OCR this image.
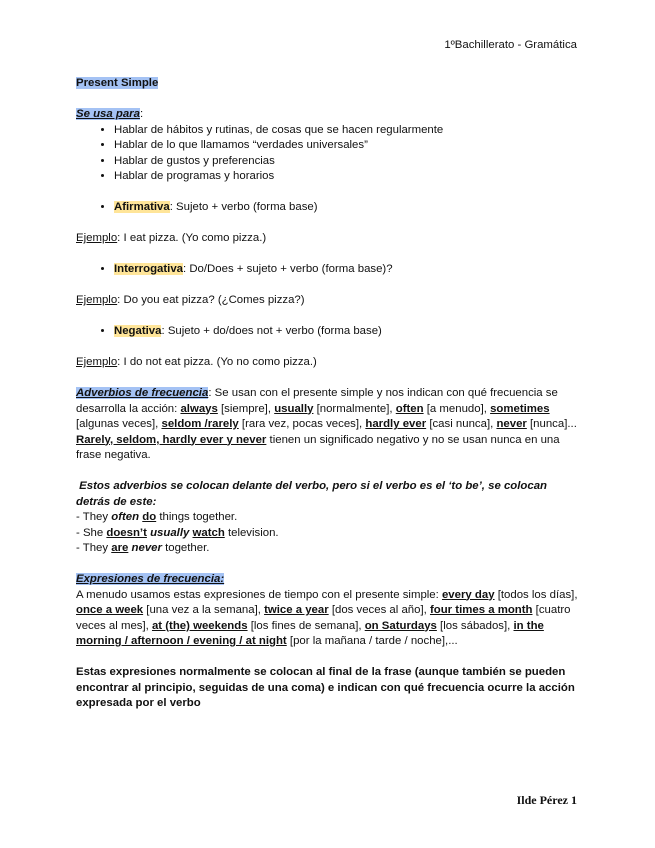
1ºBachillerato - Gramática

Present Simple

Se usa para:

• Hablar de hábitos y rutinas, de cosas que se hacen regularmente
• Hablar de lo que llamamos “verdades universales”
• Hablar de gustos y preferencias
• Hablar de programas y horarios
• Afirmativa: Sujeto + verbo (forma base)

Ejemplo: I eat pizza. (Yo como pizza.)

• Interrogativa: Do/Does + sujeto + verbo (forma base)?

Ejemplo: Do you eat pizza? (¿Comes pizza?)

• Negativa: Sujeto + do/does not + verbo (forma base)

Ejemplo: I do not eat pizza. (Yo no como pizza.)

Adverbios de frecuencia: Se usan con el presente simple y nos indican con qué frecuencia se desarrolla la acción: always [siempre], usually [normalmente], often [a menudo], sometimes [algunas veces], seldom /rarely [rara vez, pocas veces], hardly ever [casi nunca], never [nunca]...

Rarely, seldom, hardly ever y never tienen un significado negativo y no se usan nunca en una frase negativa.

Estos adverbios se colocan delante del verbo, pero si el verbo es el ‘to be’, se colocan detrás de este:

- They often do things together.

- She doesn’t usually watch television.

- They are never together.

Expresiones de frecuencia:

A menudo usamos estas expresiones de tiempo con el presente simple: every day [todos los días], once a week [una vez a la semana], twice a year [dos veces al año], four times a month [cuatro veces al mes], at (the) weekends [los fines de semana], on Saturdays [los sábados], in the morning / afternoon / evening / at night [por la mañana / tarde / noche],...

Estas expresiones normalmente se colocan al final de la frase (aunque también se pueden encontrar al principio, seguidas de una coma) e indican con qué frecuencia ocurre la acción expresada por el verbo

Ilde Pérez 1
